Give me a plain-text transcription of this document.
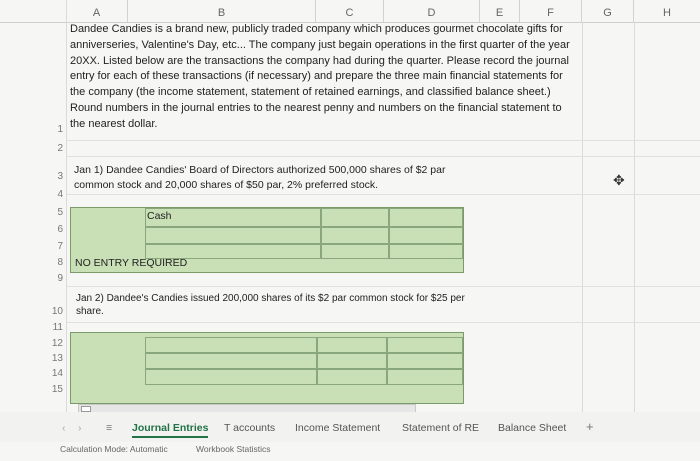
A	B	C	D	E	F	G	H
1
2
3
4
5
6
7
8
9
10
11
12
13
14
15
Dandee Candies is a brand new, publicly traded company which produces gourmet chocolate gifts for anniverseries, Valentine's Day, etc... The company just begain operations in the first quarter of the year 20XX. Listed below are the transactions the company had during the quarter. Please record the journal entry for each of these transactions (if necessary) and prepare the three main financial statements for the company (the income statement, statement of retained earnings, and classified balance sheet.) Round numbers in the journal entries to the nearest penny and numbers on the financial statement to the nearest dollar.
Jan 1) Dandee Candies' Board of Directors authorized 500,000 shares of $2 par common stock and 20,000 shares of $50 par, 2% preferred stock.
Cash
NO ENTRY REQUIRED
Jan 2) Dandee's Candies issued 200,000 shares of its $2 par common stock for $25 per share.
✥
‹ › ≡ Journal Entries T accounts Income Statement Statement of RE Balance Sheet +
Calculation Mode: Automatic	Workbook Statistics
